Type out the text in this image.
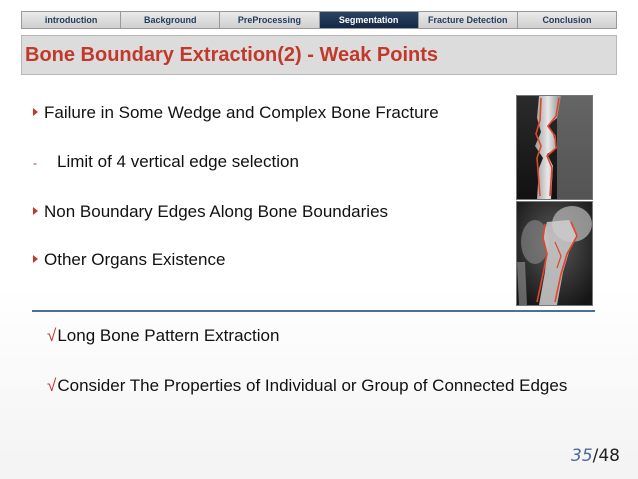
introduction	Background	PreProcessing	Segmentation	Fracture Detection	Conclusion
Bone Boundary Extraction(2) - Weak Points
Failure in Some Wedge and Complex Bone Fracture
- Limit of 4 vertical edge selection
Non Boundary Edges Along Bone Boundaries
Other Organs Existence
√Long Bone Pattern Extraction
√Consider The Properties of Individual or Group of Connected Edges
35/48
